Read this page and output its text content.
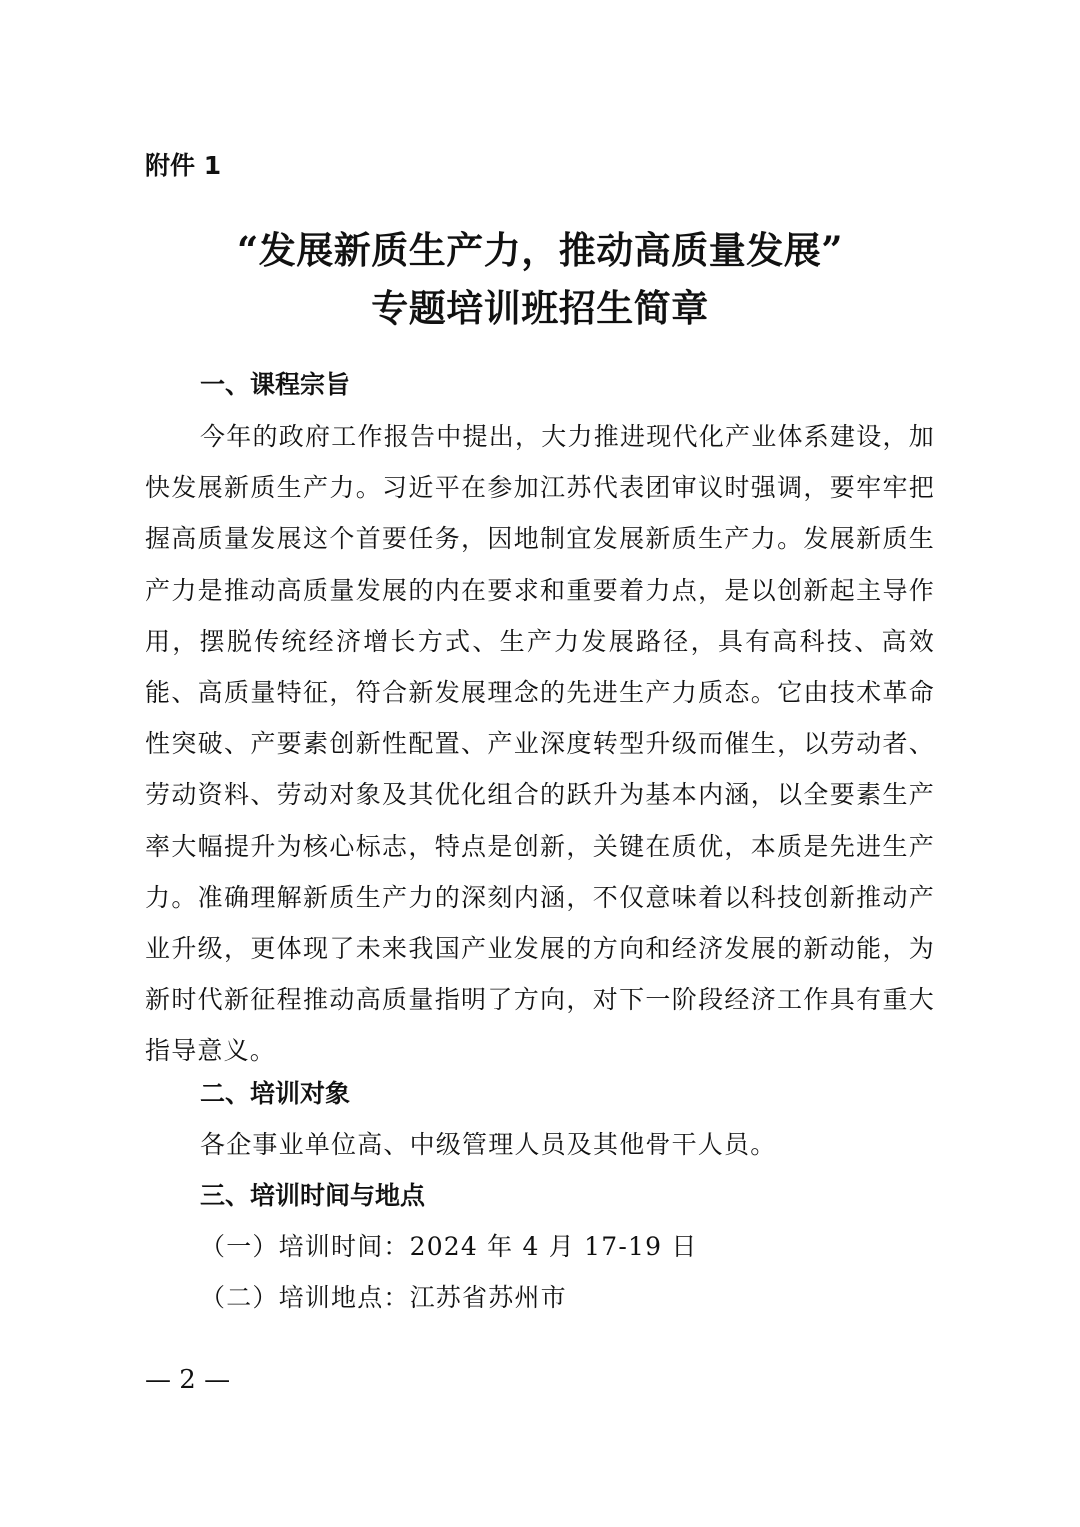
附件 1
“发展新质生产力，推动高质量发展”
专题培训班招生简章
一、课程宗旨

今年的政府工作报告中提出，大力推进现代化产业体系建设，加快发展新质生产力。习近平在参加江苏代表团审议时强调，要牢牢把握高质量发展这个首要任务，因地制宜发展新质生产力。发展新质生产力是推动高质量发展的内在要求和重要着力点，是以创新起主导作用，摆脱传统经济增长方式、生产力发展路径，具有高科技、高效能、高质量特征，符合新发展理念的先进生产力质态。它由技术革命性突破、产要素创新性配置、产业深度转型升级而催生，以劳动者、劳动资料、劳动对象及其优化组合的跃升为基本内涵，以全要素生产率大幅提升为核心标志，特点是创新，关键在质优，本质是先进生产力。准确理解新质生产力的深刻内涵，不仅意味着以科技创新推动产业升级，更体现了未来我国产业发展的方向和经济发展的新动能，为新时代新征程推动高质量指明了方向，对下一阶段经济工作具有重大指导意义。

二、培训对象
各企事业单位高、中级管理人员及其他骨干人员。
三、培训时间与地点
（一）培训时间：2024 年 4 月 17-19 日
（二）培训地点：江苏省苏州市
— 2 —
